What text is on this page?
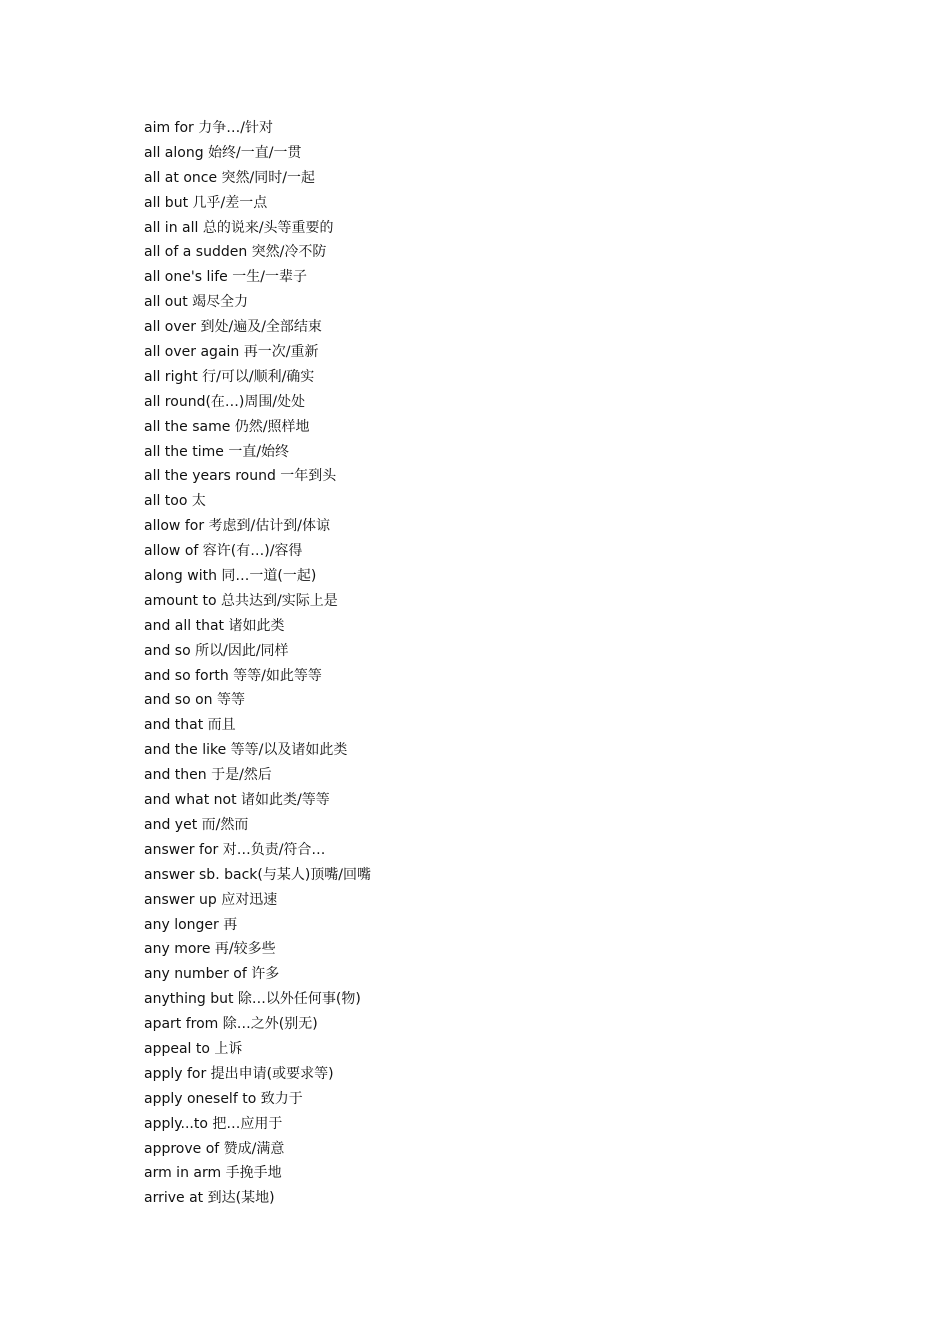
aim for 力争…/针对
all along 始终/一直/一贯
all at once 突然/同时/一起
all but 几乎/差一点
all in all 总的说来/头等重要的
all of a sudden 突然/冷不防
all one's life 一生/一辈子
all out 竭尽全力
all over 到处/遍及/全部结束
all over again 再一次/重新
all right 行/可以/顺利/确实
all round(在…)周围/处处
all the same 仍然/照样地
all the time 一直/始终
all the years round 一年到头
all too 太
allow for 考虑到/估计到/体谅
allow of 容许(有…)/容得
along with 同…一道(一起)
amount to 总共达到/实际上是
and all that 诸如此类
and so 所以/因此/同样
and so forth 等等/如此等等
and so on 等等
and that 而且
and the like 等等/以及诸如此类
and then 于是/然后
and what not 诸如此类/等等
and yet 而/然而
answer for 对…负责/符合…
answer sb. back(与某人)顶嘴/回嘴
answer up 应对迅速
any longer 再
any more 再/较多些
any number of 许多
anything but 除…以外任何事(物)
apart from 除…之外(别无)
appeal to 上诉
apply for 提出申请(或要求等)
apply oneself to 致力于
apply...to 把…应用于
approve of 赞成/满意
arm in arm 手挽手地
arrive at 到达(某地)
